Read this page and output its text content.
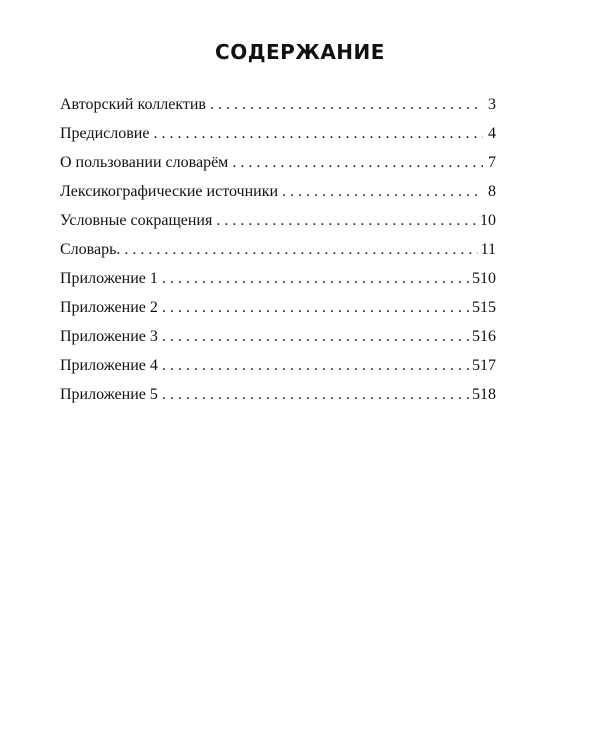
СОДЕРЖАНИЕ
Авторский коллектив . . .	3
Предисловие . . .	4
О пользовании словарём . . .	7
Лексикографические источники . . .	8
Условные сокращения . . .	10
Словарь. . . .	11
Приложение 1 . . .	510
Приложение 2 . . .	515
Приложение 3 . . .	516
Приложение 4 . . .	517
Приложение 5 . . .	518
